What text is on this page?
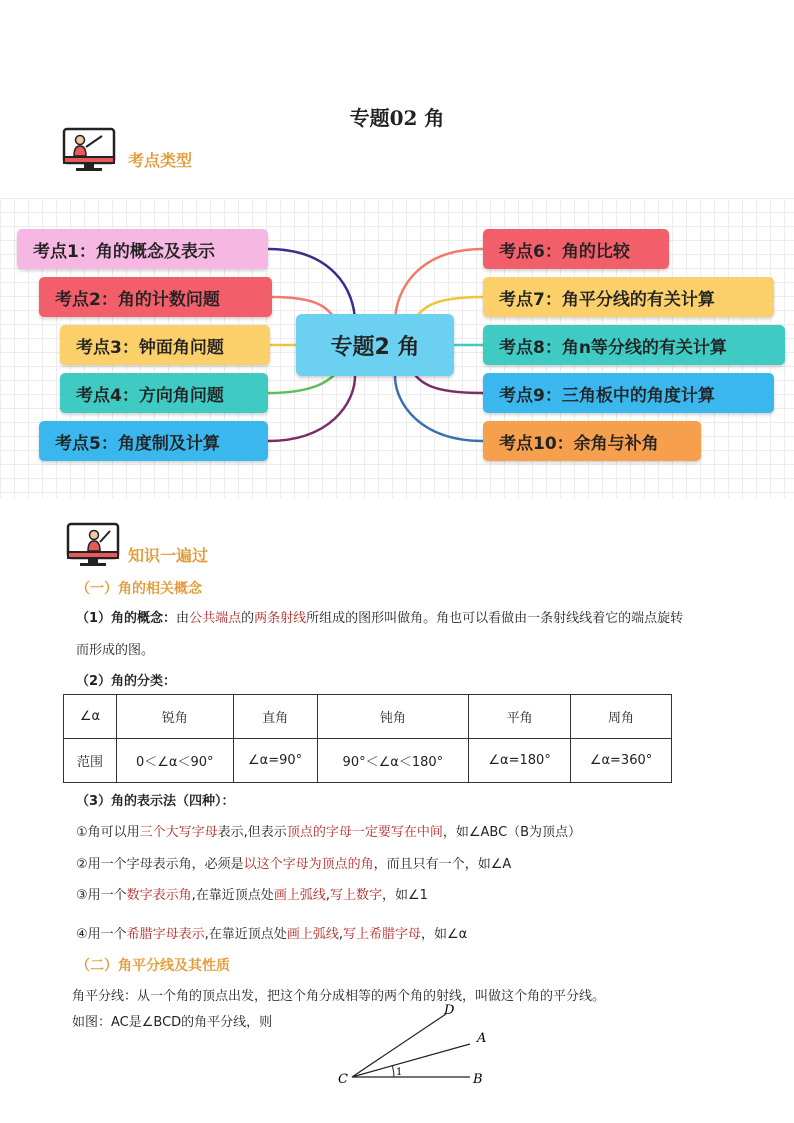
专题02 角
考点类型
考点1：角的概念及表示
考点2：角的计数问题
考点3：钟面角问题
考点4：方向角问题
考点5：角度制及计算
专题2 角
考点6：角的比较
考点7：角平分线的有关计算
考点8：角n等分线的有关计算
考点9：三角板中的角度计算
考点10：余角与补角
知识一遍过
（一）角的相关概念
（1）角的概念：由公共端点的两条射线所组成的图形叫做角。角也可以看做由一条射线线着它的端点旋转
而形成的图。
（2）角的分类：
∠α	锐角	直角	钝角	平角	周角
范围	0＜∠α＜90°	∠α=90°	90°＜∠α＜180°	∠α=180°	∠α=360°
（3）角的表示法（四种）：
①角可以用三个大写字母表示,但表示顶点的字母一定要写在中间，如∠ABC（B为顶点）
②用一个字母表示角，必须是以这个字母为顶点的角，而且只有一个，如∠A
③用一个数字表示角,在靠近顶点处画上弧线,写上数字，如∠1
④用一个希腊字母表示,在靠近顶点处画上弧线,写上希腊字母，如∠α
（二）角平分线及其性质
角平分线：从一个角的顶点出发，把这个角分成相等的两个角的射线，叫做这个角的平分线。
如图：AC是∠BCD的角平分线，则
C
D
A
B
1
